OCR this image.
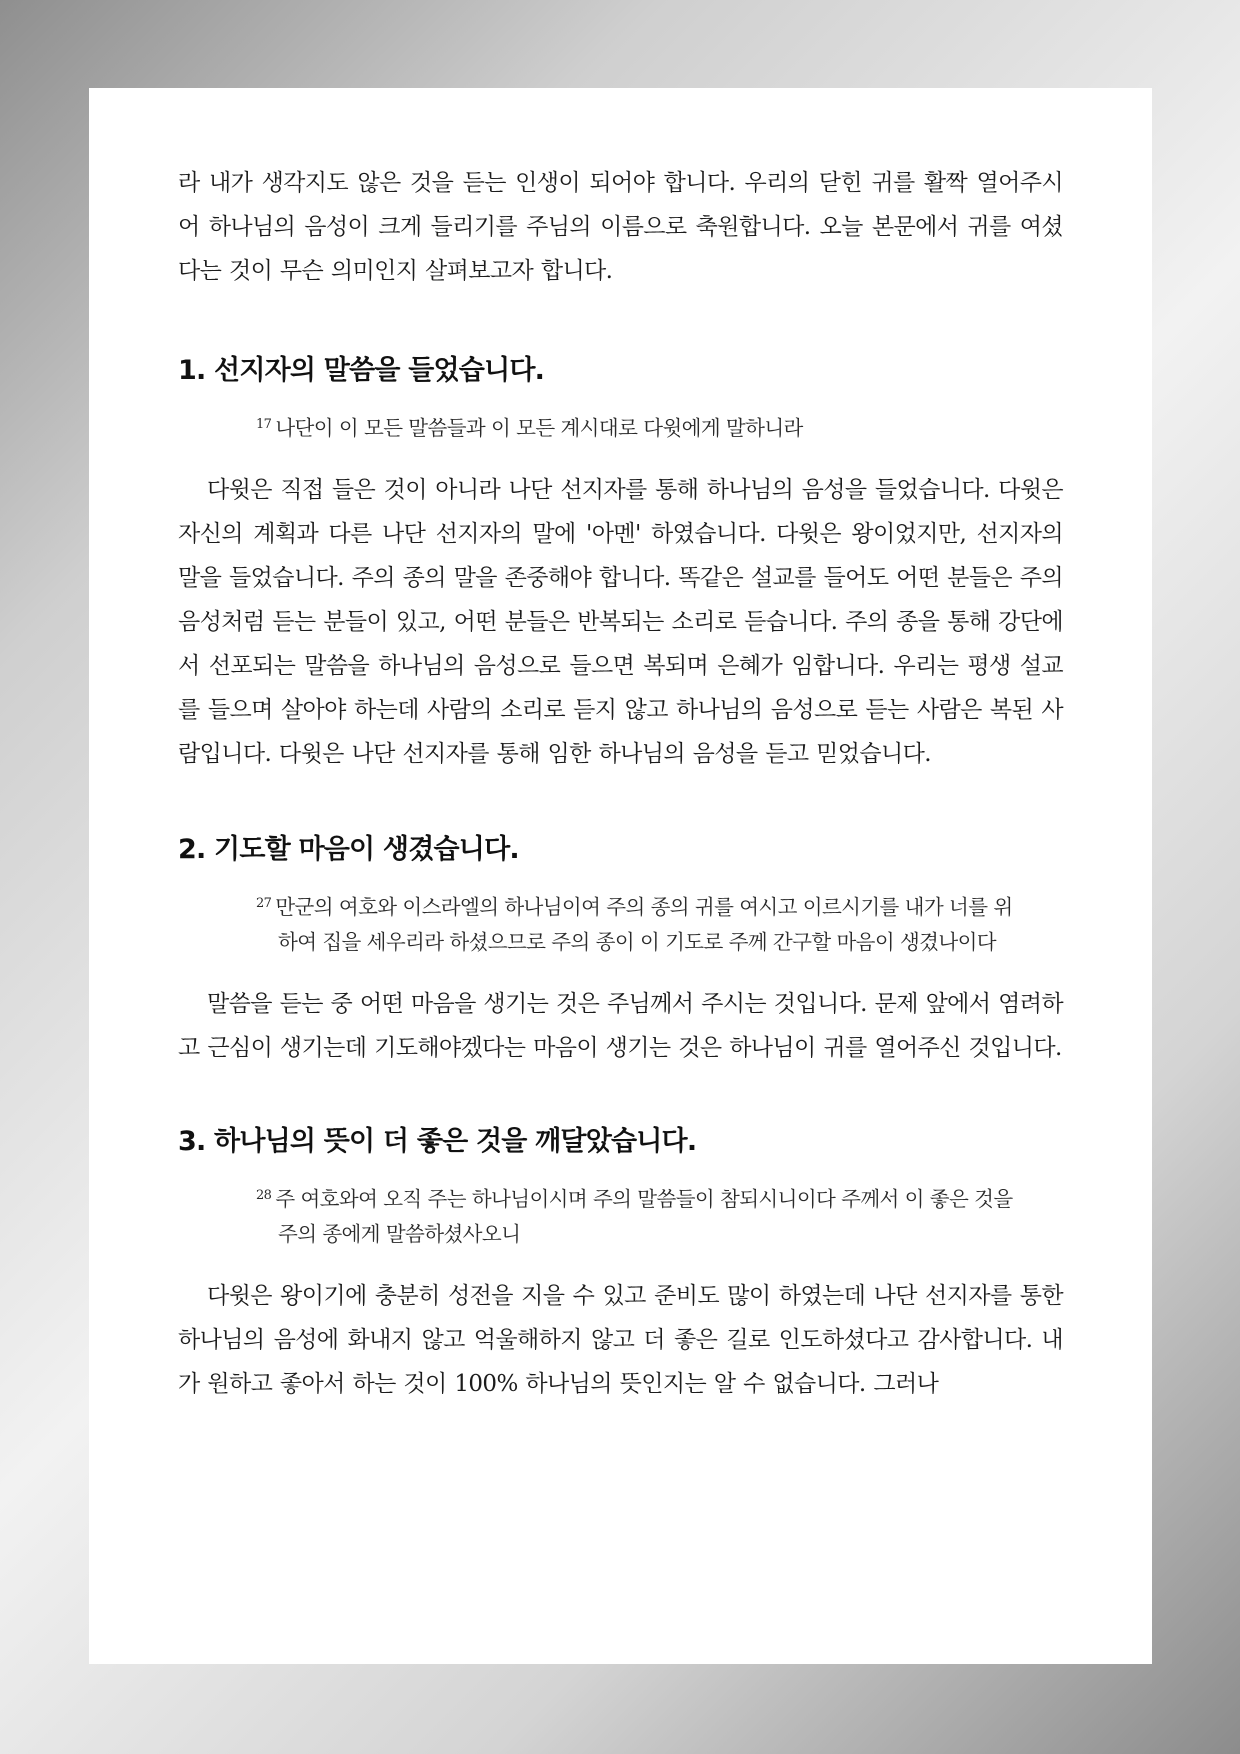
라 내가 생각지도 않은 것을 듣는 인생이 되어야 합니다. 우리의 닫힌 귀를 활짝 열어주시어 하나님의 음성이 크게 들리기를 주님의 이름으로 축원합니다. 오늘 본문에서 귀를 여셨다는 것이 무슨 의미인지 살펴보고자 합니다.

1. 선지자의 말씀을 들었습니다.

$^{17}$ 나단이 이 모든 말씀들과 이 모든 계시대로 다윗에게 말하니라

다윗은 직접 들은 것이 아니라 나단 선지자를 통해 하나님의 음성을 들었습니다. 다윗은 자신의 계획과 다른 나단 선지자의 말에 '아멘' 하였습니다. 다윗은 왕이었지만, 선지자의 말을 들었습니다. 주의 종의 말을 존중해야 합니다. 똑같은 설교를 들어도 어떤 분들은 주의 음성처럼 듣는 분들이 있고, 어떤 분들은 반복되는 소리로 듣습니다. 주의 종을 통해 강단에서 선포되는 말씀을 하나님의 음성으로 들으면 복되며 은혜가 임합니다. 우리는 평생 설교를 들으며 살아야 하는데 사람의 소리로 듣지 않고 하나님의 음성으로 듣는 사람은 복된 사람입니다. 다윗은 나단 선지자를 통해 임한 하나님의 음성을 듣고 믿었습니다.

2. 기도할 마음이 생겼습니다.

$^{27}$ 만군의 여호와 이스라엘의 하나님이여 주의 종의 귀를 여시고 이르시기를 내가 너를 위하여 집을 세우리라 하셨으므로 주의 종이 이 기도로 주께 간구할 마음이 생겼나이다

말씀을 듣는 중 어떤 마음을 생기는 것은 주님께서 주시는 것입니다. 문제 앞에서 염려하고 근심이 생기는데 기도해야겠다는 마음이 생기는 것은 하나님이 귀를 열어주신 것입니다.

3. 하나님의 뜻이 더 좋은 것을 깨달았습니다.

$^{28}$ 주 여호와여 오직 주는 하나님이시며 주의 말씀들이 참되시니이다 주께서 이 좋은 것을 주의 종에게 말씀하셨사오니

다윗은 왕이기에 충분히 성전을 지을 수 있고 준비도 많이 하였는데 나단 선지자를 통한 하나님의 음성에 화내지 않고 억울해하지 않고 더 좋은 길로 인도하셨다고 감사합니다. 내가 원하고 좋아서 하는 것이 100% 하나님의 뜻인지는 알 수 없습니다. 그러나
